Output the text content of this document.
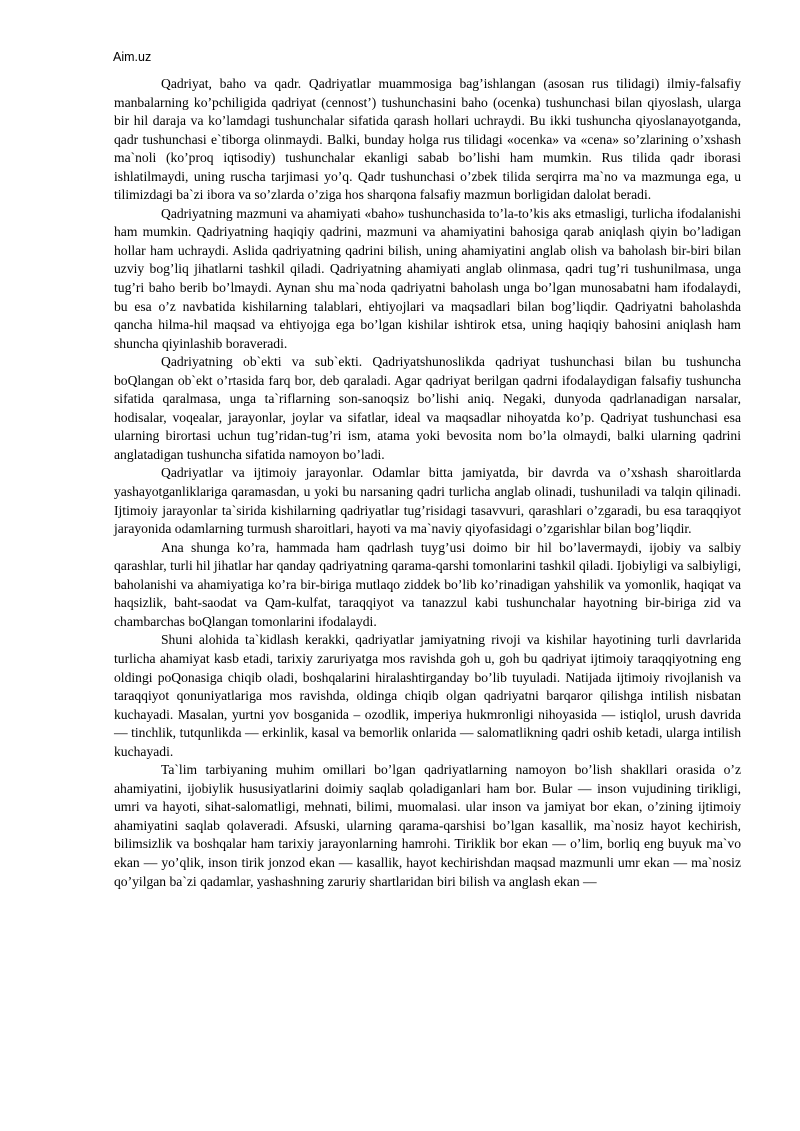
Aim.uz

Qadriyat, baho va qadr. Qadriyatlar muammosiga bag’ishlangan (asosan rus tilidagi) ilmiy-falsafiy manbalarning ko’pchiligida qadriyat (cennost’) tushunchasini baho (ocenka) tushunchasi bilan qiyoslash, ularga bir hil daraja va ko’lamdagi tushunchalar sifatida qarash hollari uchraydi. Bu ikki tushuncha qiyoslanayotganda, qadr tushunchasi e`tiborga olinmaydi. Balki, bunday holga rus tilidagi «ocenka» va «cena» so’zlarining o’xshash ma`noli (ko’proq iqtisodiy) tushunchalar ekanligi sabab bo’lishi ham mumkin. Rus tilida qadr iborasi ishlatilmaydi, uning ruscha tarjimasi yo’q. Qadr tushunchasi o’zbek tilida serqirra ma`no va mazmunga ega, u tilimizdagi ba`zi ibora va so’zlarda o’ziga hos sharqona falsafiy mazmun borligidan dalolat beradi.

Qadriyatning mazmuni va ahamiyati «baho» tushunchasida to’la-to’kis aks etmasligi, turlicha ifodalanishi ham mumkin. Qadriyatning haqiqiy qadrini, mazmuni va ahamiyatini bahosiga qarab aniqlash qiyin bo’ladigan hollar ham uchraydi. Aslida qadriyatning qadrini bilish, uning ahamiyatini anglab olish va baholash bir-biri bilan uzviy bog’liq jihatlarni tashkil qiladi. Qadriyatning ahamiyati anglab olinmasa, qadri tug’ri tushunilmasa, unga tug’ri baho berib bo’lmaydi. Aynan shu ma`noda qadriyatni baholash unga bo’lgan munosabatni ham ifodalaydi, bu esa o’z navbatida kishilarning talablari, ehtiyojlari va maqsadlari bilan bog’liqdir. Qadriyatni baholashda qancha hilma-hil maqsad va ehtiyojga ega bo’lgan kishilar ishtirok etsa, uning haqiqiy bahosini aniqlash ham shuncha qiyinlashib boraveradi.

Qadriyatning ob`ekti va sub`ekti. Qadriyatshunoslikda qadriyat tushunchasi bilan bu tushuncha boQlangan ob`ekt o’rtasida farq bor, deb qaraladi. Agar qadriyat berilgan qadrni ifodalaydigan falsafiy tushuncha sifatida qaralmasa, unga ta`riflarning son-sanoqsiz bo’lishi aniq. Negaki, dunyoda qadrlanadigan narsalar, hodisalar, voqealar, jarayonlar, joylar va sifatlar, ideal va maqsadlar nihoyatda ko’p. Qadriyat tushunchasi esa ularning birortasi uchun tug’ridan-tug’ri ism, atama yoki bevosita nom bo’la olmaydi, balki ularning qadrini anglatadigan tushuncha sifatida namoyon bo’ladi.

Qadriyatlar va ijtimoiy jarayonlar. Odamlar bitta jamiyatda, bir davrda va o’xshash sharoitlarda yashayotganliklariga qaramasdan, u yoki bu narsaning qadri turlicha anglab olinadi, tushuniladi va talqin qilinadi. Ijtimoiy jarayonlar ta`sirida kishilarning qadriyatlar tug’risidagi tasavvuri, qarashlari o’zgaradi, bu esa taraqqiyot jarayonida odamlarning turmush sharoitlari, hayoti va ma`naviy qiyofasidagi o’zgarishlar bilan bog’liqdir.

Ana shunga ko’ra, hammada ham qadrlash tuyg’usi doimo bir hil bo’lavermaydi, ijobiy va salbiy qarashlar, turli hil jihatlar har qanday qadriyatning qarama-qarshi tomonlarini tashkil qiladi. Ijobiyligi va salbiyligi, baholanishi va ahamiyatiga ko’ra bir-biriga mutlaqo ziddek bo’lib ko’rinadigan yahshilik va yomonlik, haqiqat va haqsizlik, baht-saodat va Qam-kulfat, taraqqiyot va tanazzul kabi tushunchalar hayotning bir-biriga zid va chambarchas boQlangan tomonlarini ifodalaydi.

Shuni alohida ta`kidlash kerakki, qadriyatlar jamiyatning rivoji va kishilar hayotining turli davrlarida turlicha ahamiyat kasb etadi, tarixiy zaruriyatga mos ravishda goh u, goh bu qadriyat ijtimoiy taraqqiyotning eng oldingi poQonasiga chiqib oladi, boshqalarini hiralashtirganday bo’lib tuyuladi. Natijada ijtimoiy rivojlanish va taraqqiyot qonuniyatlariga mos ravishda, oldinga chiqib olgan qadriyatni barqaror qilishga intilish nisbatan kuchayadi. Masalan, yurtni yov bosganida – ozodlik, imperiya hukmronligi nihoyasida — istiqlol, urush davrida — tinchlik, tutqunlikda — erkinlik, kasal va bemorlik onlarida — salomatlikning qadri oshib ketadi, ularga intilish kuchayadi.

Ta`lim tarbiyaning muhim omillari bo’lgan qadriyatlarning namoyon bo’lish shakllari orasida o’z ahamiyatini, ijobiylik hususiyatlarini doimiy saqlab qoladiganlari ham bor. Bular — inson vujudining tirikligi, umri va hayoti, sihat-salomatligi, mehnati, bilimi, muomalasi. ular inson va jamiyat bor ekan, o’zining ijtimoiy ahamiyatini saqlab qolaveradi. Afsuski, ularning qarama-qarshisi bo’lgan kasallik, ma`nosiz hayot kechirish, bilimsizlik va boshqalar ham tarixiy jarayonlarning hamrohi. Tiriklik bor ekan — o’lim, borliq eng buyuk ma`vo ekan — yo’qlik, inson tirik jonzod ekan — kasallik, hayot kechirishdan maqsad mazmunli umr ekan — ma`nosiz qo’yilgan ba`zi qadamlar, yashashning zaruriy shartlaridan biri bilish va anglash ekan —
